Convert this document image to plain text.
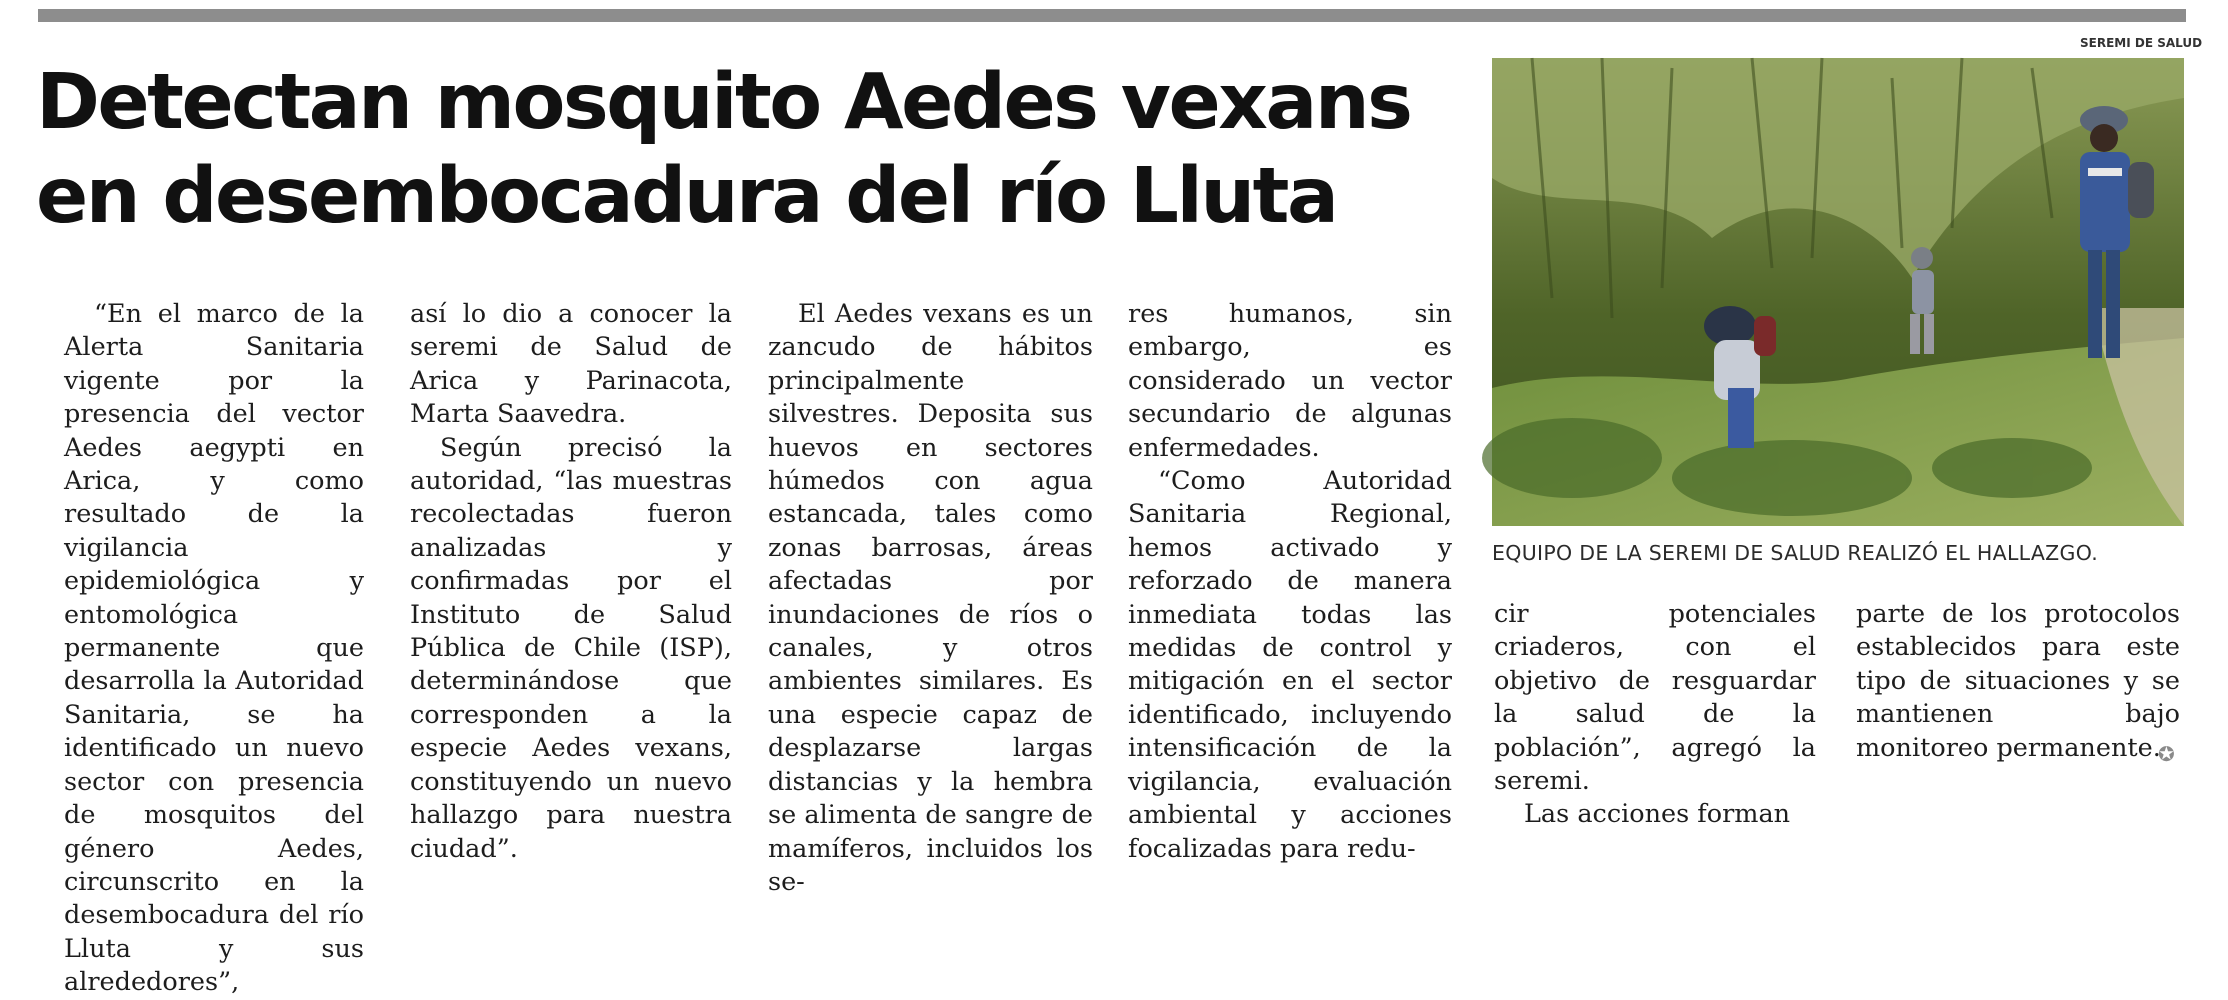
Detectan mosquito Aedes vexans
en desembocadura del río Lluta

“En el marco de la Alerta Sanitaria vigente por la presencia del vector Aedes aegypti en Arica, y como resultado de la vigilancia epidemiológica y entomológica permanente que desarrolla la Autoridad Sanitaria, se ha identificado un nuevo sector con presencia de mosquitos del género Aedes, circunscrito en la desembocadura del río Lluta y sus alrededores”,

así lo dio a conocer la seremi de Salud de Arica y Parinacota, Marta Saavedra.

Según precisó la autoridad, “las muestras recolectadas fueron analizadas y confirmadas por el Instituto de Salud Pública de Chile (ISP), determinándose que corresponden a la especie Aedes vexans, constituyendo un nuevo hallazgo para nuestra ciudad”.

El Aedes vexans es un zancudo de hábitos principalmente silvestres. Deposita sus huevos en sectores húmedos con agua estancada, tales como zonas barrosas, áreas afectadas por inundaciones de ríos o canales, y otros ambientes similares. Es una especie capaz de desplazarse largas distancias y la hembra se alimenta de sangre de mamíferos, incluidos los se-

res humanos, sin embargo, es considerado un vector secundario de algunas enfermedades.

“Como Autoridad Sanitaria Regional, hemos activado y reforzado de manera inmediata todas las medidas de control y mitigación en el sector identificado, incluyendo intensificación de la vigilancia, evaluación ambiental y acciones focalizadas para redu-

cir potenciales criaderos, con el objetivo de resguardar la salud de la población”, agregó la seremi.

Las acciones forman

parte de los protocolos establecidos para este tipo de situaciones y se mantienen bajo monitoreo permanente.

SEREMI DE SALUD
EQUIPO DE LA SEREMI DE SALUD REALIZÓ EL HALLAZGO.
✪
